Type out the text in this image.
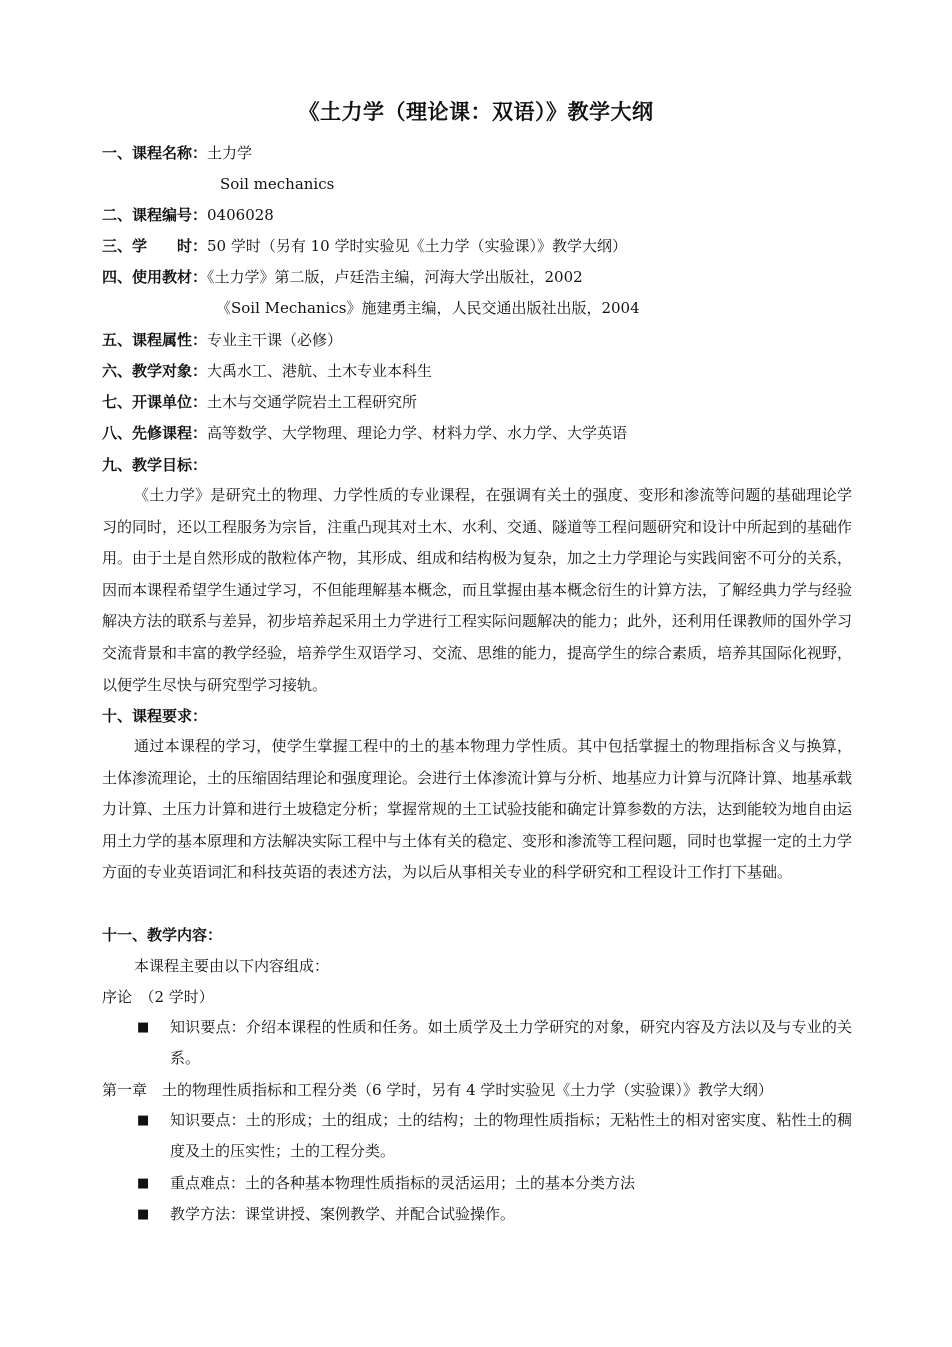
《土力学（理论课：双语）》教学大纲
一、课程名称：土力学
Soil mechanics
二、课程编号：0406028
三、学　　时：50 学时（另有 10 学时实验见《土力学（实验课）》教学大纲）
四、使用教材：《土力学》第二版，卢廷浩主编，河海大学出版社，2002
《Soil Mechanics》施建勇主编，人民交通出版社出版，2004
五、课程属性：专业主干课（必修）
六、教学对象：大禹水工、港航、土木专业本科生
七、开课单位：土木与交通学院岩土工程研究所
八、先修课程：高等数学、大学物理、理论力学、材料力学、水力学、大学英语
九、教学目标：

《土力学》是研究土的物理、力学性质的专业课程，在强调有关土的强度、变形和渗流等问题的基础理论学习的同时，还以工程服务为宗旨，注重凸现其对土木、水利、交通、隧道等工程问题研究和设计中所起到的基础作用。由于土是自然形成的散粒体产物，其形成、组成和结构极为复杂，加之土力学理论与实践间密不可分的关系，因而本课程希望学生通过学习，不但能理解基本概念，而且掌握由基本概念衍生的计算方法，了解经典力学与经验解决方法的联系与差异，初步培养起采用土力学进行工程实际问题解决的能力；此外，还利用任课教师的国外学习交流背景和丰富的教学经验，培养学生双语学习、交流、思维的能力，提高学生的综合素质，培养其国际化视野，以便学生尽快与研究型学习接轨。

十、课程要求：

通过本课程的学习，使学生掌握工程中的土的基本物理力学性质。其中包括掌握土的物理指标含义与换算，土体渗流理论，土的压缩固结理论和强度理论。会进行土体渗流计算与分析、地基应力计算与沉降计算、地基承载力计算、土压力计算和进行土坡稳定分析；掌握常规的土工试验技能和确定计算参数的方法，达到能较为地自由运用土力学的基本原理和方法解决实际工程中与土体有关的稳定、变形和渗流等工程问题，同时也掌握一定的土力学方面的专业英语词汇和科技英语的表述方法，为以后从事相关专业的科学研究和工程设计工作打下基础。

十一、教学内容：
本课程主要由以下内容组成：
序论　（2 学时）
■ 知识要点：介绍本课程的性质和任务。如土质学及土力学研究的对象，研究内容及方法以及与专业的关系。

第一章　土的物理性质指标和工程分类（6 学时，另有 4 学时实验见《土力学（实验课）》教学大纲）
■ 知识要点：土的形成；土的组成；土的结构；土的物理性质指标；无粘性土的相对密实度、粘性土的稠度及土的压实性；土的工程分类。

■ 重点难点：土的各种基本物理性质指标的灵活运用；土的基本分类方法

■ 教学方法：课堂讲授、案例教学、并配合试验操作。
